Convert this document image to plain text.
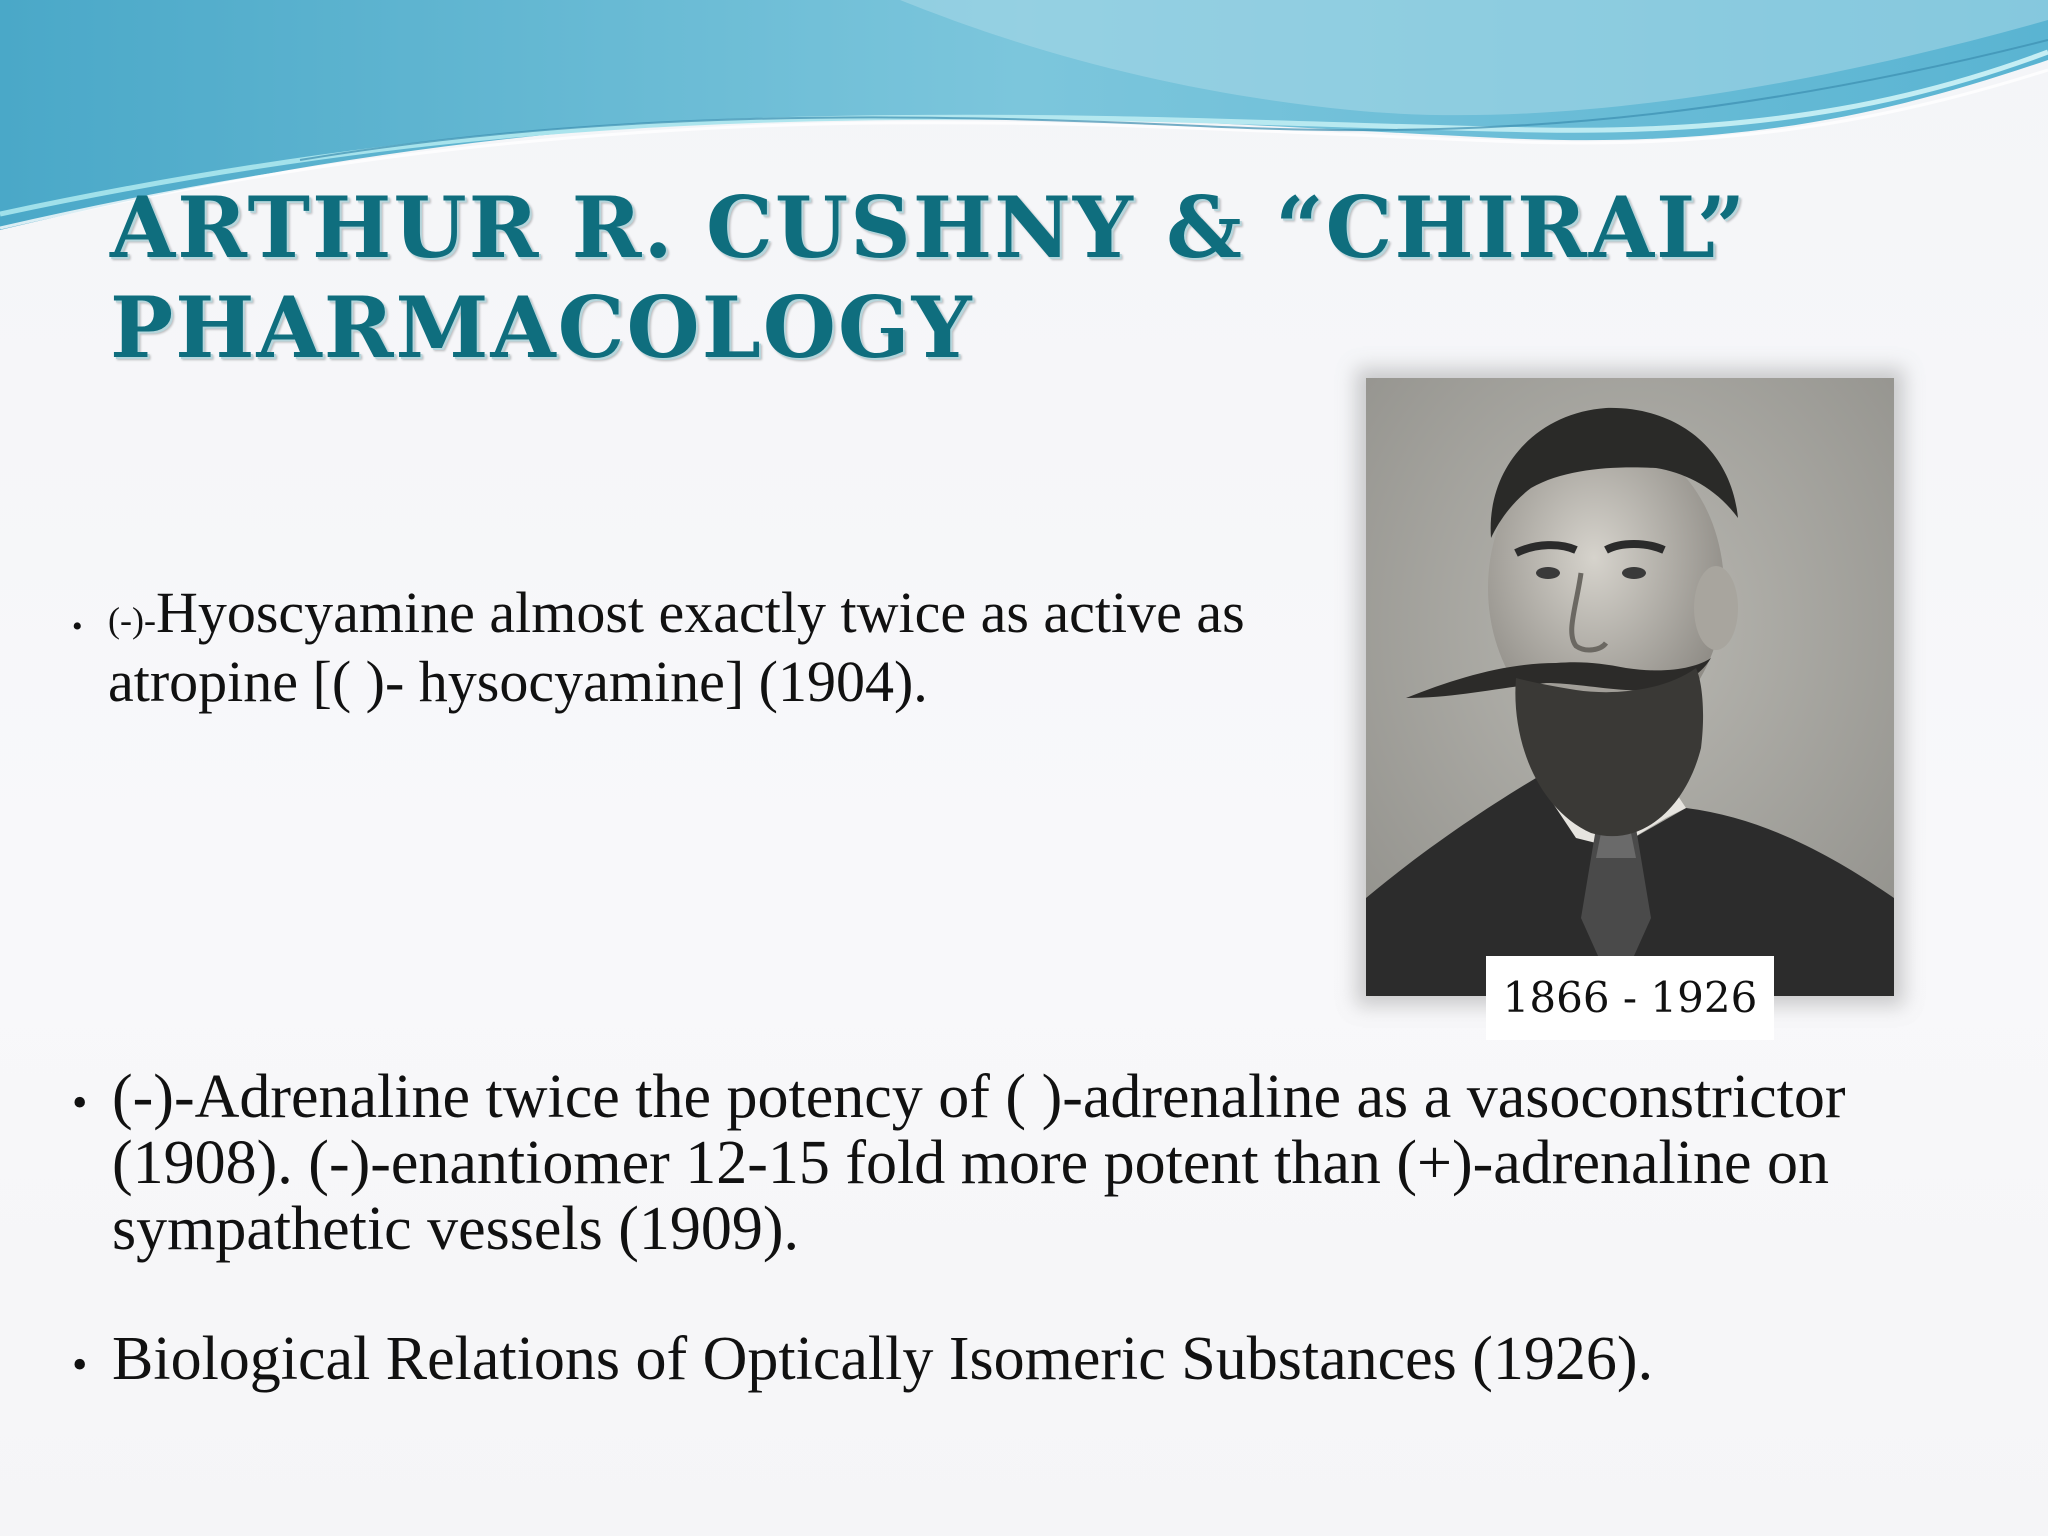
ARTHUR R. CUSHNY & “CHIRAL”
PHARMACOLOGY
• (-)-Hyoscyamine almost exactly twice as active as atropine [( )- hysocyamine] (1904).
1866 - 1926
• (-)-Adrenaline twice the potency of ( )-adrenaline as a vasoconstrictor (1908). (-)-enantiomer 12-15 fold more potent than (+)-adrenaline on sympathetic vessels (1909).
• Biological Relations of Optically Isomeric Substances (1926).
